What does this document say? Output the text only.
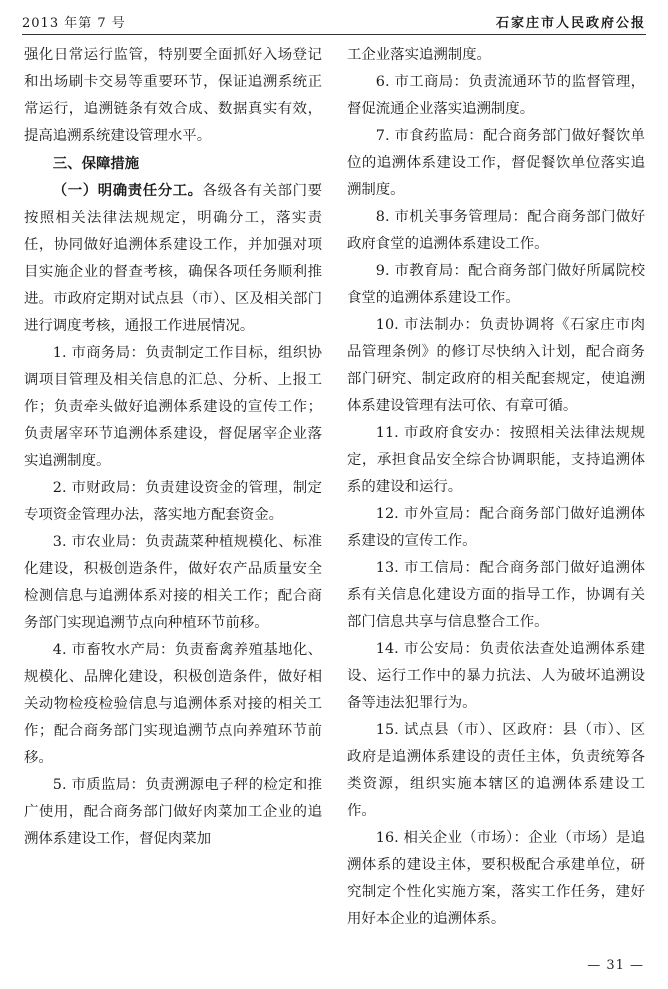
2013 年第 7 号	石家庄市人民政府公报

强化日常运行监管，特别要全面抓好入场登记和出场刷卡交易等重要环节，保证追溯系统正常运行，追溯链条有效合成、数据真实有效，提高追溯系统建设管理水平。

三、保障措施

（一）明确责任分工。各级各有关部门要按照相关法律法规规定，明确分工，落实责任，协同做好追溯体系建设工作，并加强对项目实施企业的督查考核，确保各项任务顺利推进。市政府定期对试点县（市）、区及相关部门进行调度考核，通报工作进展情况。

1. 市商务局：负责制定工作目标，组织协调项目管理及相关信息的汇总、分析、上报工作；负责牵头做好追溯体系建设的宣传工作；负责屠宰环节追溯体系建设，督促屠宰企业落实追溯制度。

2. 市财政局：负责建设资金的管理，制定专项资金管理办法，落实地方配套资金。

3. 市农业局：负责蔬菜种植规模化、标准化建设，积极创造条件，做好农产品质量安全检测信息与追溯体系对接的相关工作；配合商务部门实现追溯节点向种植环节前移。

4. 市畜牧水产局：负责畜禽养殖基地化、规模化、品牌化建设，积极创造条件，做好相关动物检疫检验信息与追溯体系对接的相关工作；配合商务部门实现追溯节点向养殖环节前移。

5. 市质监局：负责溯源电子秤的检定和推广使用，配合商务部门做好肉菜加工企业的追溯体系建设工作，督促肉菜加

工企业落实追溯制度。

6. 市工商局：负责流通环节的监督管理，督促流通企业落实追溯制度。

7. 市食药监局：配合商务部门做好餐饮单位的追溯体系建设工作，督促餐饮单位落实追溯制度。

8. 市机关事务管理局：配合商务部门做好政府食堂的追溯体系建设工作。

9. 市教育局：配合商务部门做好所属院校食堂的追溯体系建设工作。

10. 市法制办：负责协调将《石家庄市肉品管理条例》的修订尽快纳入计划，配合商务部门研究、制定政府的相关配套规定，使追溯体系建设管理有法可依、有章可循。

11. 市政府食安办：按照相关法律法规规定，承担食品安全综合协调职能，支持追溯体系的建设和运行。

12. 市外宣局：配合商务部门做好追溯体系建设的宣传工作。

13. 市工信局：配合商务部门做好追溯体系有关信息化建设方面的指导工作，协调有关部门信息共享与信息整合工作。

14. 市公安局：负责依法查处追溯体系建设、运行工作中的暴力抗法、人为破坏追溯设备等违法犯罪行为。

15. 试点县（市）、区政府：县（市）、区政府是追溯体系建设的责任主体，负责统筹各类资源，组织实施本辖区的追溯体系建设工作。

16. 相关企业（市场）：企业（市场）是追溯体系的建设主体，要积极配合承建单位，研究制定个性化实施方案，落实工作任务，建好用好本企业的追溯体系。

— 31 —
